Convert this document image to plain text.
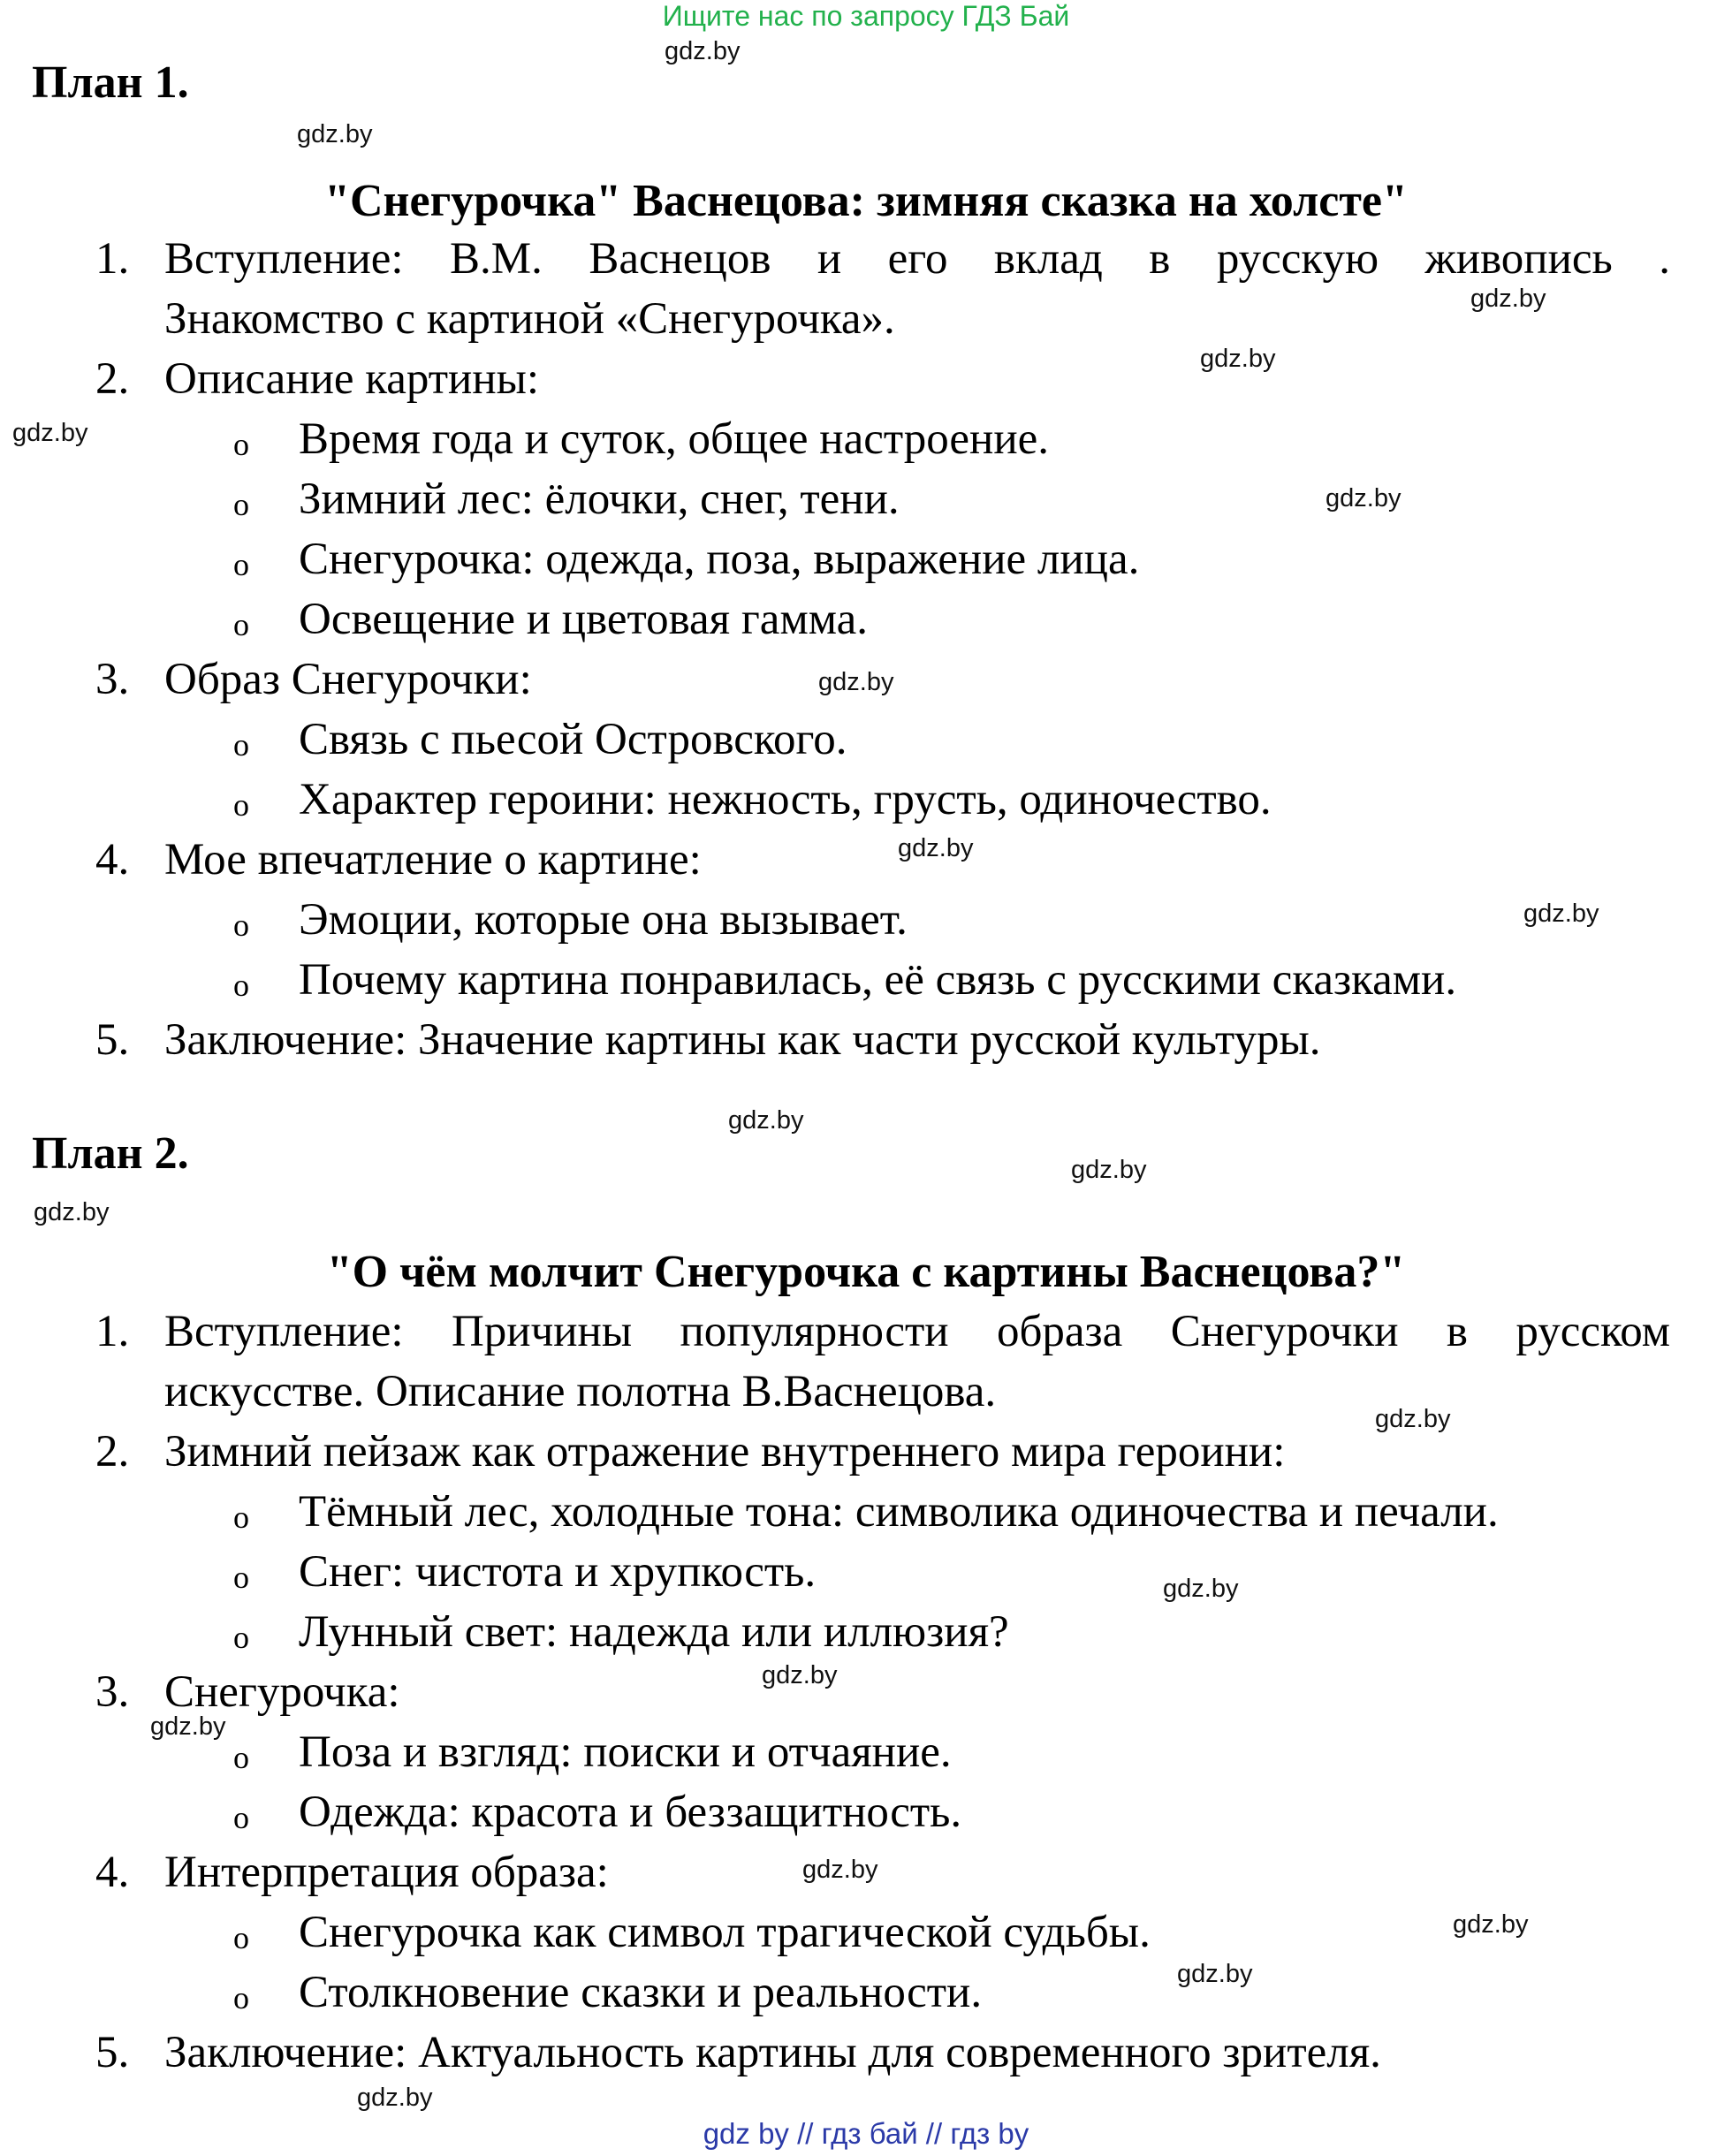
Ищите нас по запросу ГДЗ Бай
gdz.by
gdz.by
gdz.by
gdz.by
gdz.by
gdz.by
gdz.by
gdz.by
gdz.by
gdz.by
gdz.by
gdz.by
gdz.by
gdz.by
gdz.by
gdz.by
gdz.by
gdz.by
gdz.by
gdz.by
План 1.
"Снегурочка" Васнецова: зимняя сказка на холсте"
1. Вступление: В.М. Васнецов и его вклад в русскую живопись .
Знакомство с картиной «Снегурочка».
2. Описание картины:
o Время года и суток, общее настроение.
o Зимний лес: ёлочки, снег, тени.
o Снегурочка: одежда, поза, выражение лица.
o Освещение и цветовая гамма.
3. Образ Снегурочки:
o Связь с пьесой Островского.
o Характер героини: нежность, грусть, одиночество.
4. Мое впечатление о картине:
o Эмоции, которые она вызывает.
o Почему картина понравилась, её связь с русскими сказками.
5. Заключение: Значение картины как части русской культуры.
План 2.
"О чём молчит Снегурочка с картины Васнецова?"
1. Вступление: Причины популярности образа Снегурочки в русском
искусстве. Описание полотна В.Васнецова.
2. Зимний пейзаж как отражение внутреннего мира героини:
o Тёмный лес, холодные тона: символика одиночества и печали.
o Снег: чистота и хрупкость.
o Лунный свет: надежда или иллюзия?
3. Снегурочка:
o Поза и взгляд: поиски и отчаяние.
o Одежда: красота и беззащитность.
4. Интерпретация образа:
o Снегурочка как символ трагической судьбы.
o Столкновение сказки и реальности.
5. Заключение: Актуальность картины для современного зрителя.
gdz by // гдз бай // гдз by
